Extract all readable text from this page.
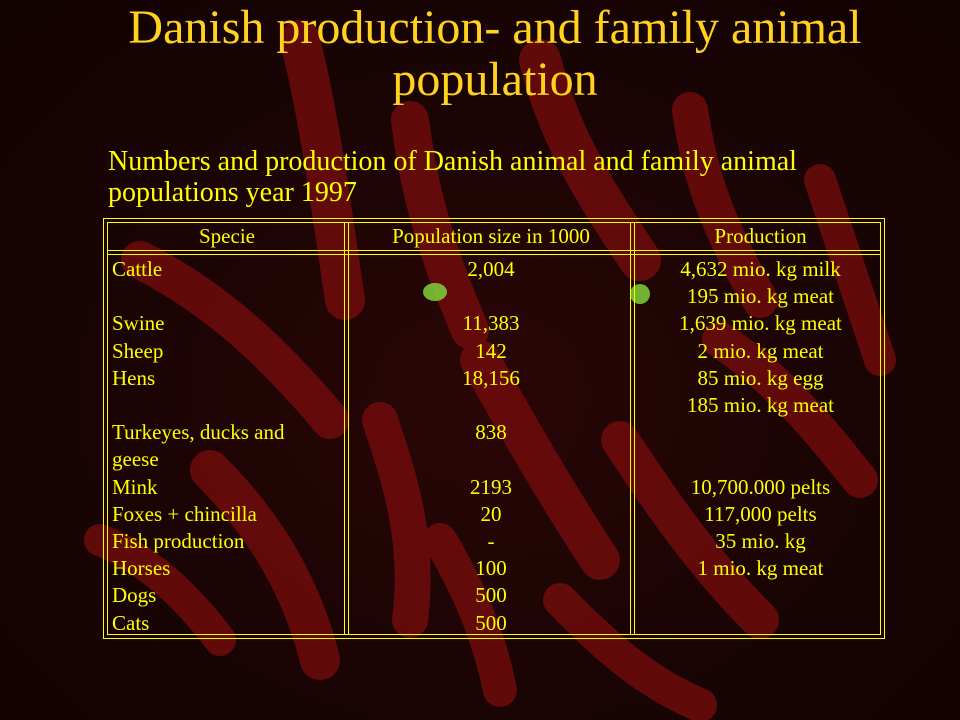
Danish production- and family animal population

Numbers and production of Danish animal and family animal populations year 1997

Specie	Population size in 1000	Production
Cattle	2,004	4,632 mio. kg milk
195 mio. kg meat
Swine	11,383	1,639 mio. kg meat
Sheep	142	2 mio. kg meat
Hens	18,156	85 mio. kg egg
185 mio. kg meat
Turkeyes, ducks and	838
geese
Mink	2193	10,700.000 pelts
Foxes + chincilla	20	117,000 pelts
Fish production	-	35 mio. kg
Horses	100	1 mio. kg meat
Dogs	500
Cats	500
